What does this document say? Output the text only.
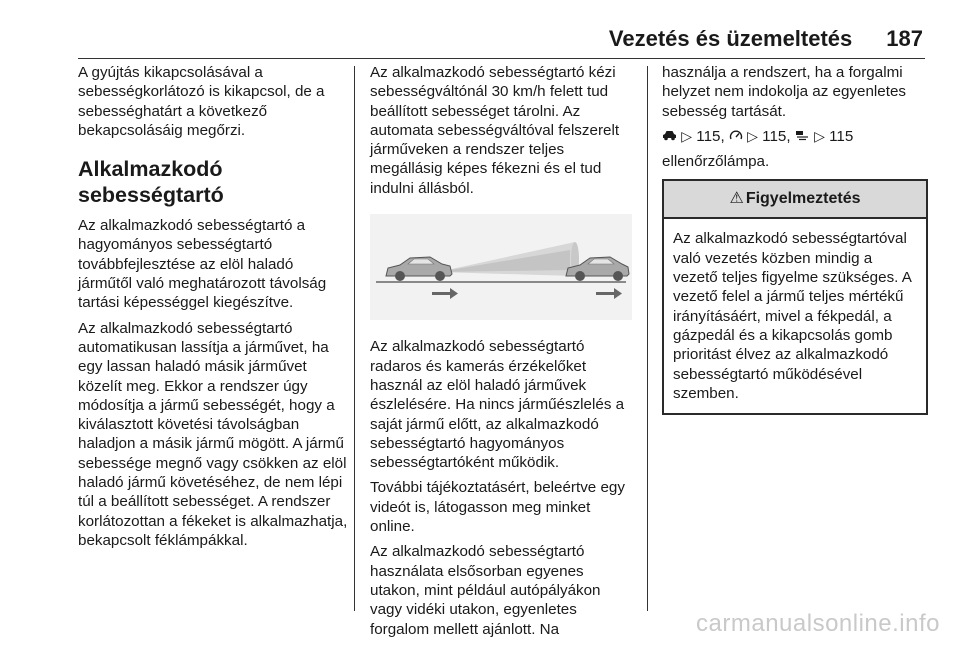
Vezetés és üzemeltetés 187

A gyújtás kikapcsolásával a sebességkorlátozó is kikapcsol, de a sebességhatárt a következő bekapcsolásáig megőrzi.

Alkalmazkodó sebességtartó

Az alkalmazkodó sebességtartó a hagyományos sebességtartó továbbfejlesztése az elöl haladó járműtől való meghatározott távolság tartási képességgel kiegészítve.

Az alkalmazkodó sebességtartó automatikusan lassítja a járművet, ha egy lassan haladó másik járművet közelít meg. Ekkor a rendszer úgy módosítja a jármű sebességét, hogy a kiválasztott követési távolságban haladjon a másik jármű mögött. A jármű sebessége megnő vagy csökken az elöl haladó jármű követéséhez, de nem lépi túl a beállított sebességet. A rendszer korlátozottan a fékeket is alkalmazhatja, bekapcsolt féklámpákkal.

Az alkalmazkodó sebességtartó kézi sebességváltónál 30 km/h felett tud beállított sebességet tárolni. Az automata sebességváltóval felszerelt járműveken a rendszer teljes megállásig képes fékezni és el tud indulni állásból.

Az alkalmazkodó sebességtartó radaros és kamerás érzékelőket használ az elöl haladó járművek észlelésére. Ha nincs járműészlelés a saját jármű előtt, az alkalmazkodó sebességtartó hagyományos sebességtartóként működik.

További tájékoztatásért, beleértve egy videót is, látogasson meg minket online.

Az alkalmazkodó sebességtartó használata elsősorban egyenes utakon, mint például autópályákon vagy vidéki utakon, egyenletes forgalom mellett ajánlott. Na

használja a rendszert, ha a forgalmi helyzet nem indokolja az egyenletes sebesség tartását.

▷ 115, ▷ 115, ▷ 115

ellenőrzőlámpa.

⚠ Figyelmeztetés
Az alkalmazkodó sebességtartóval való vezetés közben mindig a vezető teljes figyelme szükséges. A vezető felel a jármű teljes mértékű irányításáért, mivel a fékpedál, a gázpedál és a kikapcsolás gomb prioritást élvez az alkalmazkodó sebességtartó működésével szemben.
carmanualsonline.info
